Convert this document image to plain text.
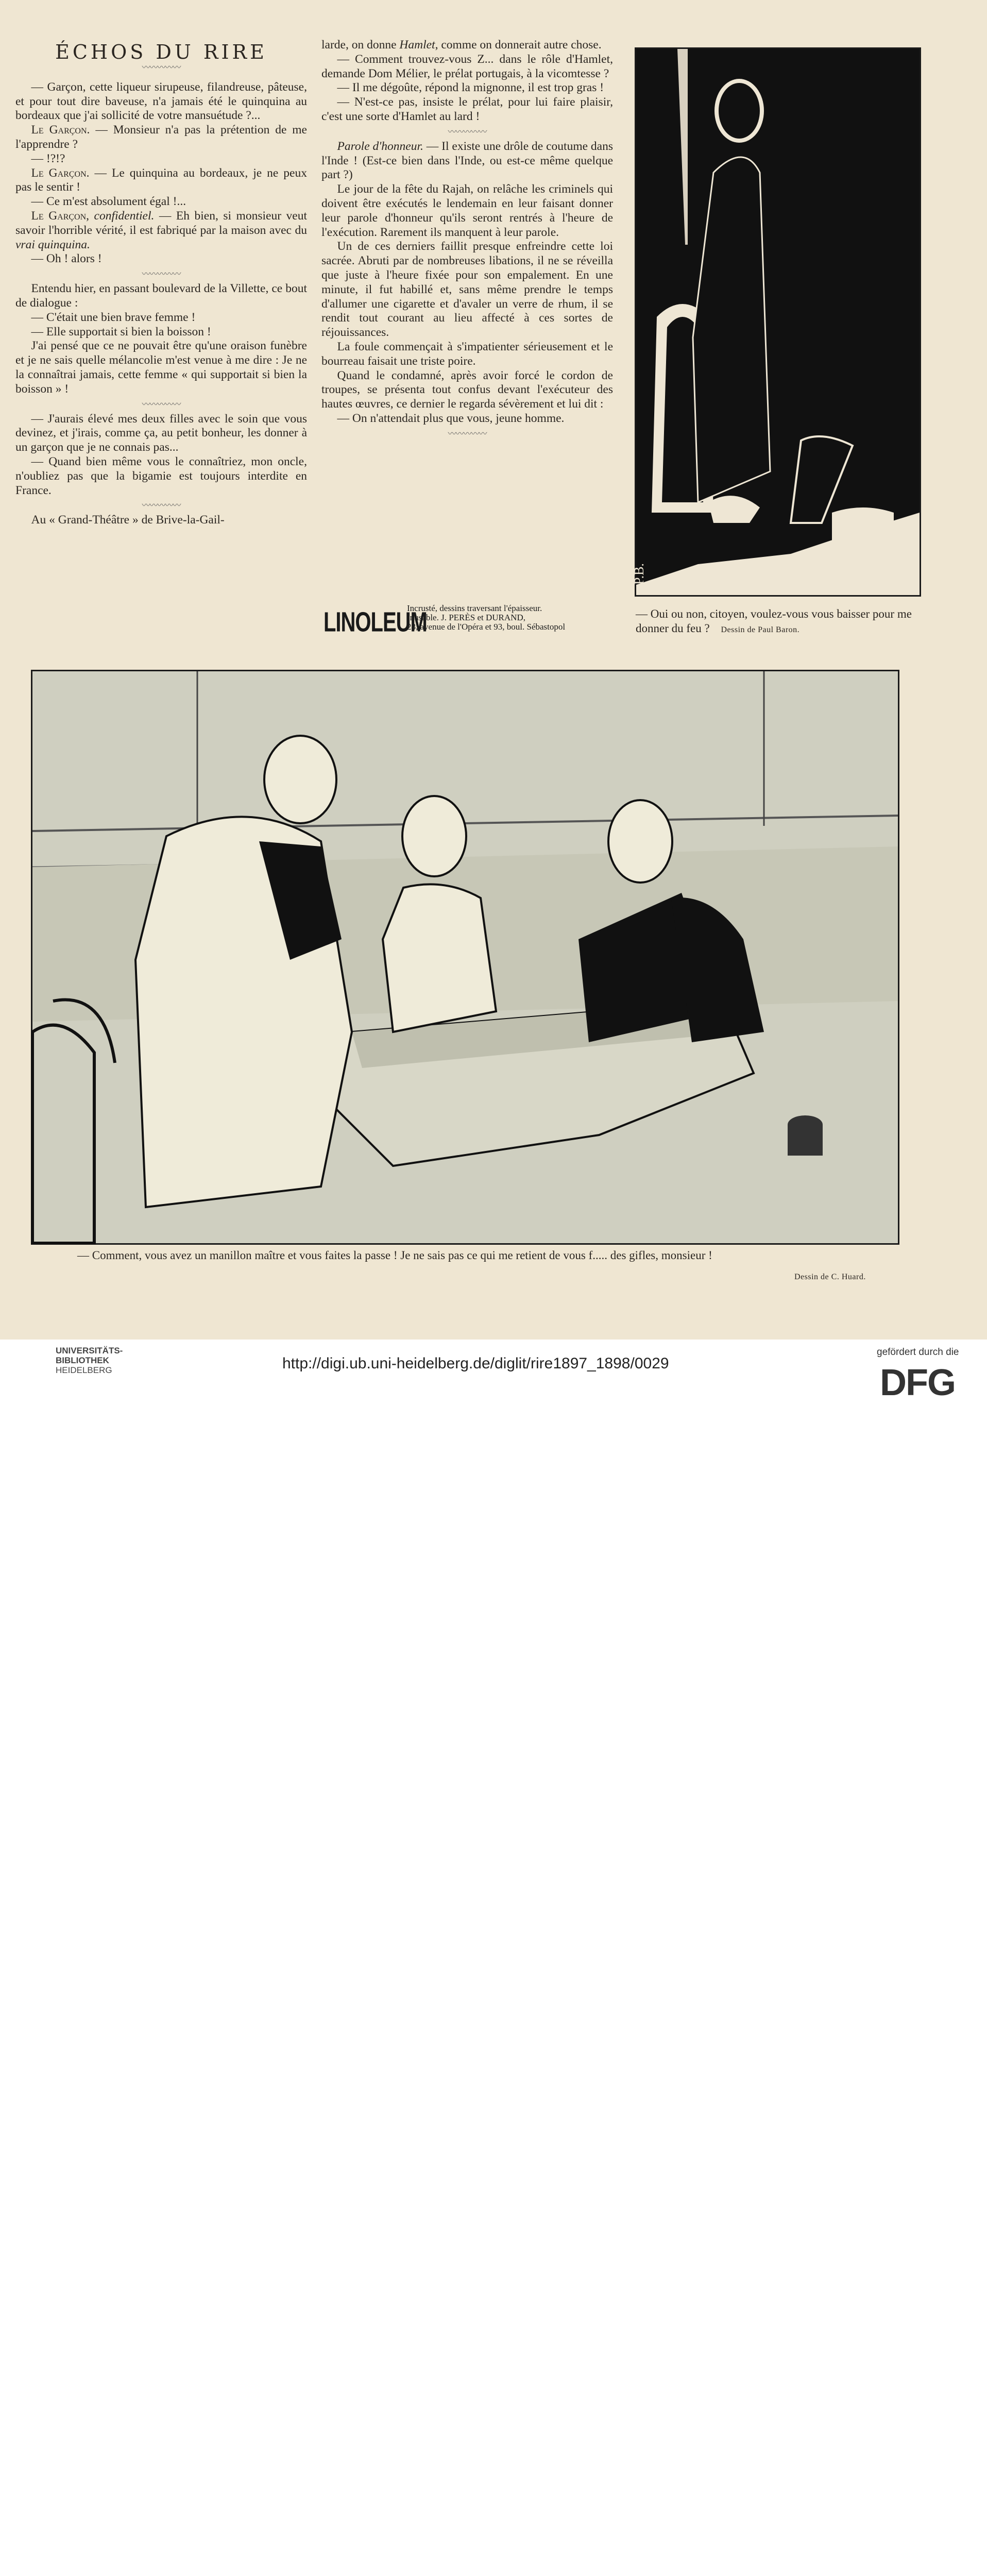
ÉCHOS DU RIRE
〰〰〰〰〰

— Garçon, cette liqueur sirupeuse, filandreuse, pâteuse, et pour tout dire baveuse, n'a jamais été le quinquina au bordeaux que j'ai sollicité de votre mansuétude ?...

Le Garçon. — Monsieur n'a pas la prétention de me l'apprendre ?

— !?!?

Le Garçon. — Le quinquina au bordeaux, je ne peux pas le sentir !

— Ce m'est absolument égal !...

Le Garçon, confidentiel. — Eh bien, si monsieur veut savoir l'horrible vérité, il est fabriqué par la maison avec du vrai quinquina.

— Oh ! alors !

〰〰〰〰〰

Entendu hier, en passant boulevard de la Villette, ce bout de dialogue :

— C'était une bien brave femme !

— Elle supportait si bien la boisson !

J'ai pensé que ce ne pouvait être qu'une oraison funèbre et je ne sais quelle mélancolie m'est venue à me dire : Je ne la connaîtrai jamais, cette femme « qui supportait si bien la boisson » !

〰〰〰〰〰

— J'aurais élevé mes deux filles avec le soin que vous devinez, et j'irais, comme ça, au petit bonheur, les donner à un garçon que je ne connais pas...

— Quand bien même vous le connaîtriez, mon oncle, n'oubliez pas que la bigamie est toujours interdite en France.

〰〰〰〰〰

Au « Grand-Théâtre » de Brive-la-Gail-

larde, on donne Hamlet, comme on donnerait autre chose.

— Comment trouvez-vous Z... dans le rôle d'Hamlet, demande Dom Mélier, le prélat portugais, à la vicomtesse ?

— Il me dégoûte, répond la mignonne, il est trop gras !

— N'est-ce pas, insiste le prélat, pour lui faire plaisir, c'est une sorte d'Hamlet au lard !

〰〰〰〰〰

Parole d'honneur. — Il existe une drôle de coutume dans l'Inde ! (Est-ce bien dans l'Inde, ou est-ce même quelque part ?)

Le jour de la fête du Rajah, on relâche les criminels qui doivent être exécutés le lendemain en leur faisant donner leur parole d'honneur qu'ils seront rentrés à l'heure de l'exécution. Rarement ils manquent à leur parole.

Un de ces derniers faillit presque enfreindre cette loi sacrée. Abruti par de nombreuses libations, il ne se réveilla que juste à l'heure fixée pour son empalement. En une minute, il fut habillé et, sans même prendre le temps d'allumer une cigarette et d'avaler un verre de rhum, il se rendit tout courant au lieu affecté à ces sortes de réjouissances.

La foule commençait à s'impatienter sérieusement et le bourreau faisait une triste poire.

Quand le condamné, après avoir forcé le cordon de troupes, se présenta tout confus devant l'exécuteur des hautes œuvres, ce dernier le regarda sévèrement et lui dit :

— On n'attendait plus que vous, jeune homme.

〰〰〰〰〰
LINOLEUM
Incrusté, dessins traversant l'épaisseur.
Inusable. J. PERÈS et DURAND,
28, avenue de l'Opéra et 93, boul. Sébastopol
P.B.
— Oui ou non, citoyen, voulez-vous vous baisser pour me donner du feu ? Dessin de Paul Baron.
— Comment, vous avez un manillon maître et vous faites la passe ! Je ne sais pas ce qui me retient de vous f..... des gifles, monsieur !
Dessin de C. Huard.
UNIVERSITÄTS-
BIBLIOTHEK
HEIDELBERG	http://digi.ub.uni-heidelberg.de/diglit/rire1897_1898/0029
gefördert durch die
DFG
